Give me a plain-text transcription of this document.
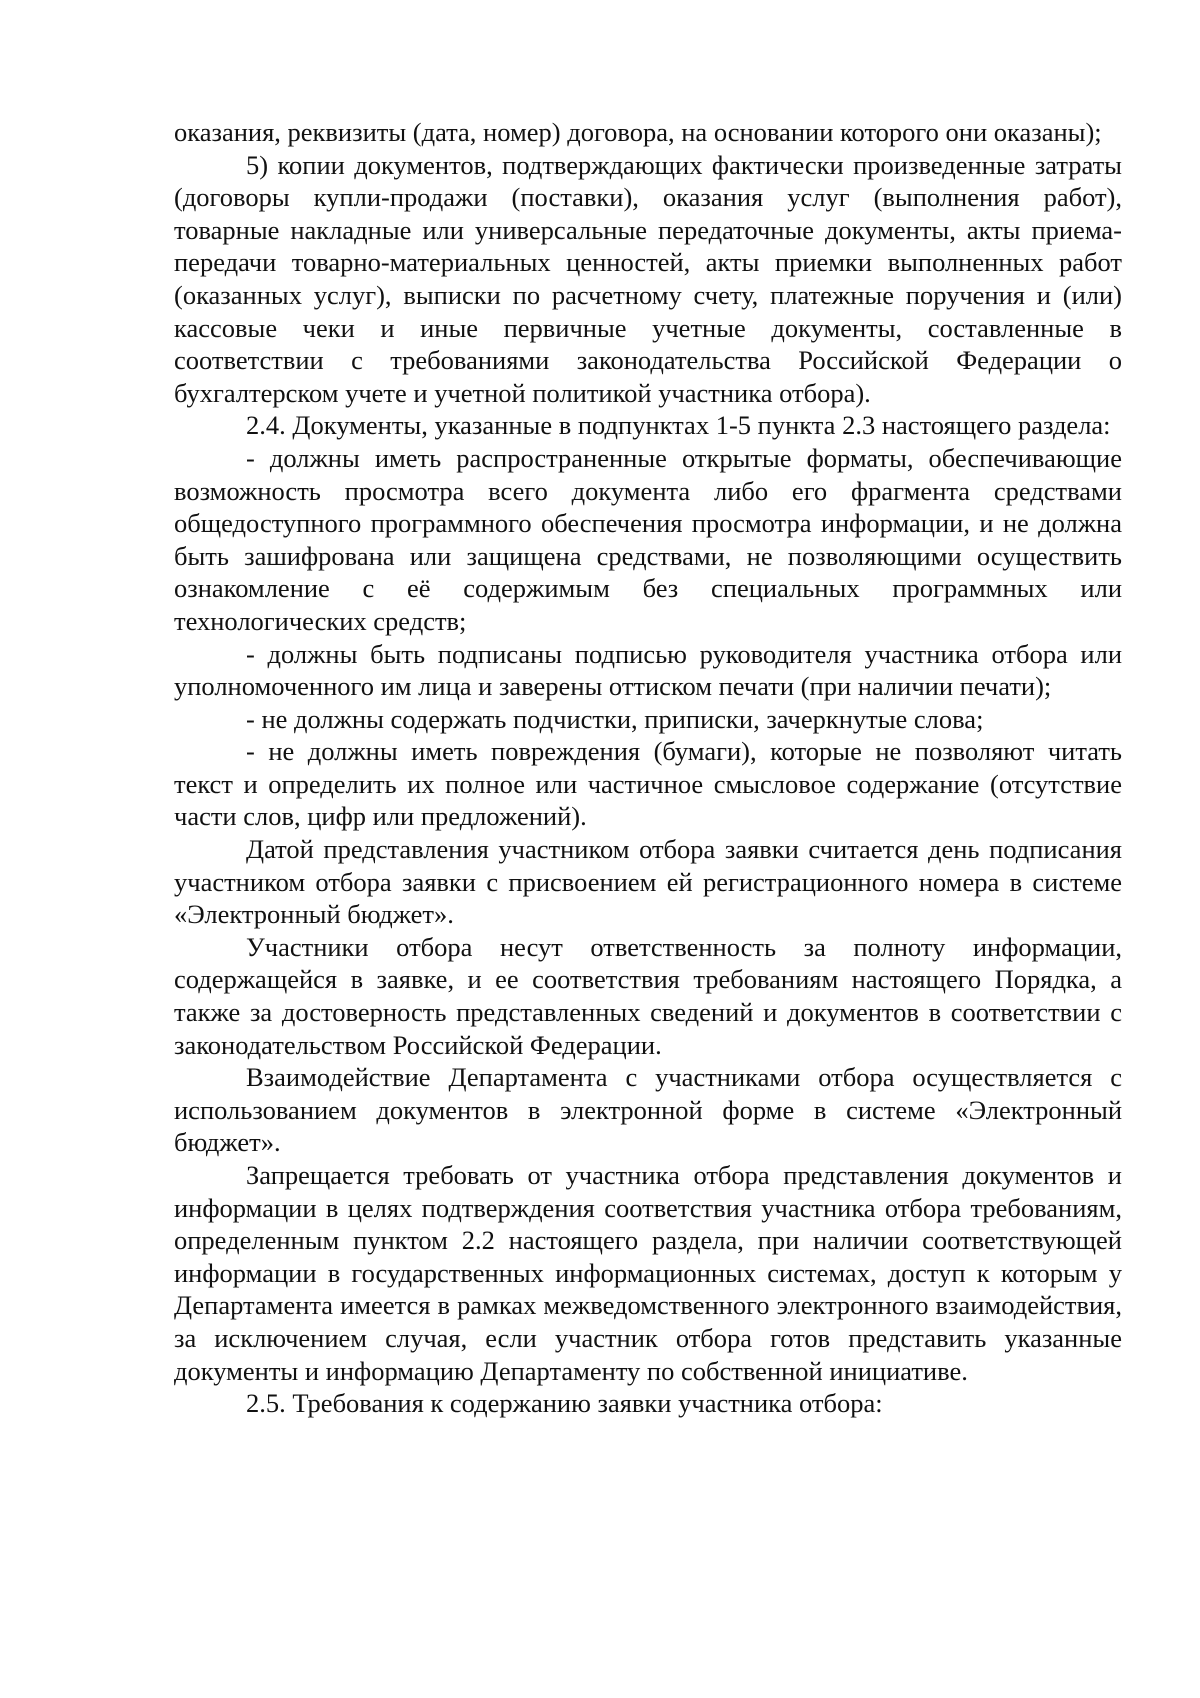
оказания, реквизиты (дата, номер) договора, на основании которого они оказаны);

5) копии документов, подтверждающих фактически произведенные затраты (договоры купли-продажи (поставки), оказания услуг (выполнения работ), товарные накладные или универсальные передаточные документы, акты приема-передачи товарно-материальных ценностей, акты приемки выполненных работ (оказанных услуг), выписки по расчетному счету, платежные поручения и (или) кассовые чеки и иные первичные учетные документы, составленные в соответствии с требованиями законодательства Российской Федерации о бухгалтерском учете и учетной политикой участника отбора).

2.4. Документы, указанные в подпунктах 1-5 пункта 2.3 настоящего раздела:

- должны иметь распространенные открытые форматы, обеспечивающие возможность просмотра всего документа либо его фрагмента средствами общедоступного программного обеспечения просмотра информации, и не должна быть зашифрована или защищена средствами, не позволяющими осуществить ознакомление с её содержимым без специальных программных или технологических средств;

- должны быть подписаны подписью руководителя участника отбора или уполномоченного им лица и заверены оттиском печати (при наличии печати);

- не должны содержать подчистки, приписки, зачеркнутые слова;

- не должны иметь повреждения (бумаги), которые не позволяют читать текст и определить их полное или частичное смысловое содержание (отсутствие части слов, цифр или предложений).

Датой представления участником отбора заявки считается день подписания участником отбора заявки с присвоением ей регистрационного номера в системе «Электронный бюджет».

Участники отбора несут ответственность за полноту информации, содержащейся в заявке, и ее соответствия требованиям настоящего Порядка, а также за достоверность представленных сведений и документов в соответствии с законодательством Российской Федерации.

Взаимодействие Департамента с участниками отбора осуществляется с использованием документов в электронной форме в системе «Электронный бюджет».

Запрещается требовать от участника отбора представления документов и информации в целях подтверждения соответствия участника отбора требованиям, определенным пунктом 2.2 настоящего раздела, при наличии соответствующей информации в государственных информационных системах, доступ к которым у Департамента имеется в рамках межведомственного электронного взаимодействия, за исключением случая, если участник отбора готов представить указанные документы и информацию Департаменту по собственной инициативе.

2.5. Требования к содержанию заявки участника отбора:
